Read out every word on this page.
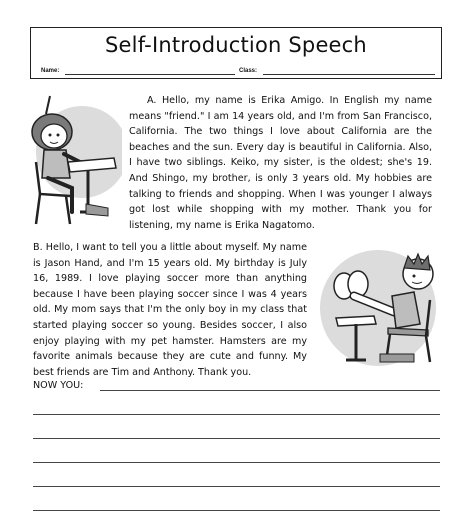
Self-Introduction Speech
Name:	Class:

A. Hello, my name is Erika Amigo. In English my name means "friend." I am 14 years old, and I'm from San Francisco, California. The two things I love about California are the beaches and the sun. Every day is beautiful in California. Also, I have two siblings. Keiko, my sister, is the oldest; she's 19. And Shingo, my brother, is only 3 years old. My hobbies are talking to friends and shopping. When I was younger I always got lost while shopping with my mother. Thank you for listening, my name is Erika Nagatomo.

B. Hello, I want to tell you a little about myself. My name is Jason Hand, and I'm 15 years old. My birthday is July 16, 1989. I love playing soccer more than anything because I have been playing soccer since I was 4 years old. My mom says that I'm the only boy in my class that started playing soccer so young. Besides soccer, I also enjoy playing with my pet hamster. Hamsters are my favorite animals because they are cute and funny. My best friends are Tim and Anthony. Thank you.

NOW YOU:
